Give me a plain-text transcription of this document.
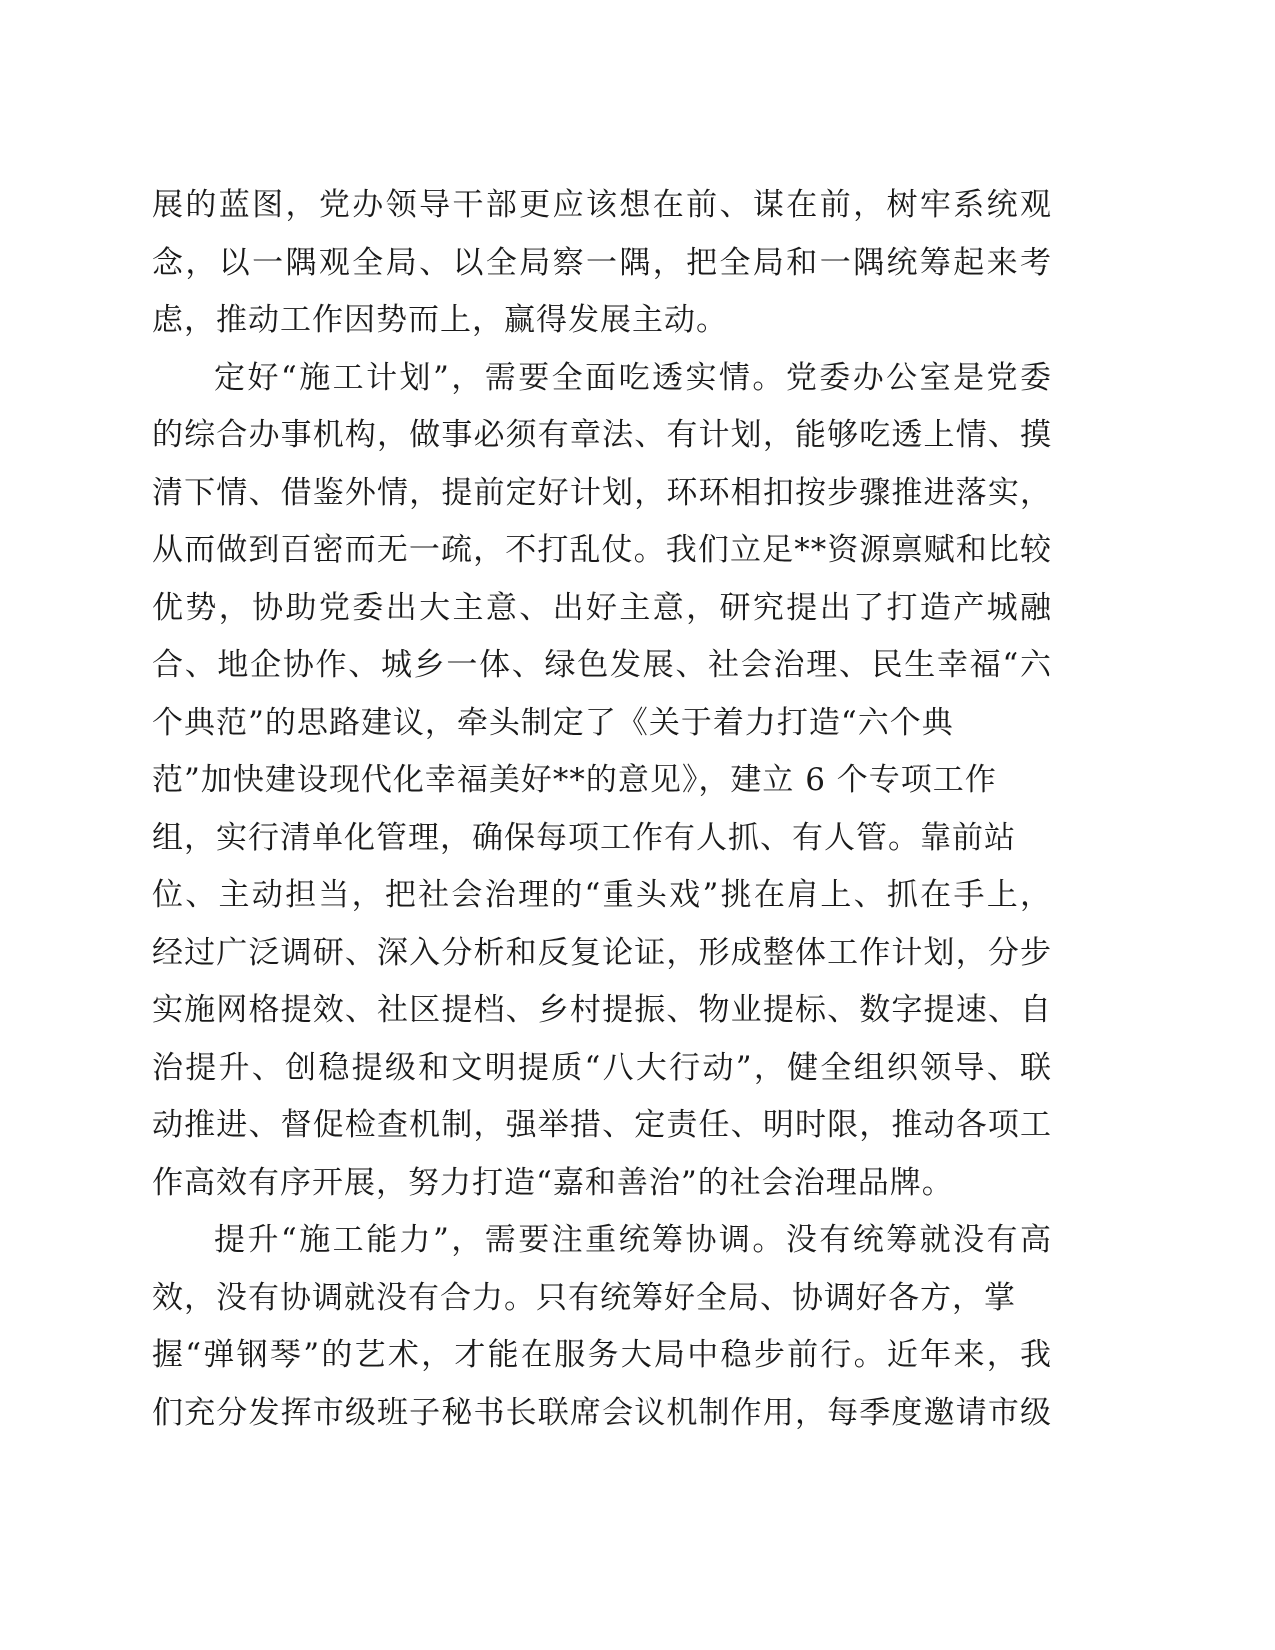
展的蓝图，党办领导干部更应该想在前、谋在前，树牢系统观
念，以一隅观全局、以全局察一隅，把全局和一隅统筹起来考
虑，推动工作因势而上，赢得发展主动。
定好“施工计划”，需要全面吃透实情。党委办公室是党委
的综合办事机构，做事必须有章法、有计划，能够吃透上情、摸
清下情、借鉴外情，提前定好计划，环环相扣按步骤推进落实，
从而做到百密而无一疏，不打乱仗。我们立足**资源禀赋和比较
优势，协助党委出大主意、出好主意，研究提出了打造产城融
合、地企协作、城乡一体、绿色发展、社会治理、民生幸福“六
个典范”的思路建议，牵头制定了《关于着力打造“六个典
范”加快建设现代化幸福美好**的意见》，建立 6 个专项工作
组，实行清单化管理，确保每项工作有人抓、有人管。靠前站
位、主动担当，把社会治理的“重头戏”挑在肩上、抓在手上，
经过广泛调研、深入分析和反复论证，形成整体工作计划，分步
实施网格提效、社区提档、乡村提振、物业提标、数字提速、自
治提升、创稳提级和文明提质“八大行动”，健全组织领导、联
动推进、督促检查机制，强举措、定责任、明时限，推动各项工
作高效有序开展，努力打造“嘉和善治”的社会治理品牌。
提升“施工能力”，需要注重统筹协调。没有统筹就没有高
效，没有协调就没有合力。只有统筹好全局、协调好各方，掌
握“弹钢琴”的艺术，才能在服务大局中稳步前行。近年来，我
们充分发挥市级班子秘书长联席会议机制作用，每季度邀请市级
